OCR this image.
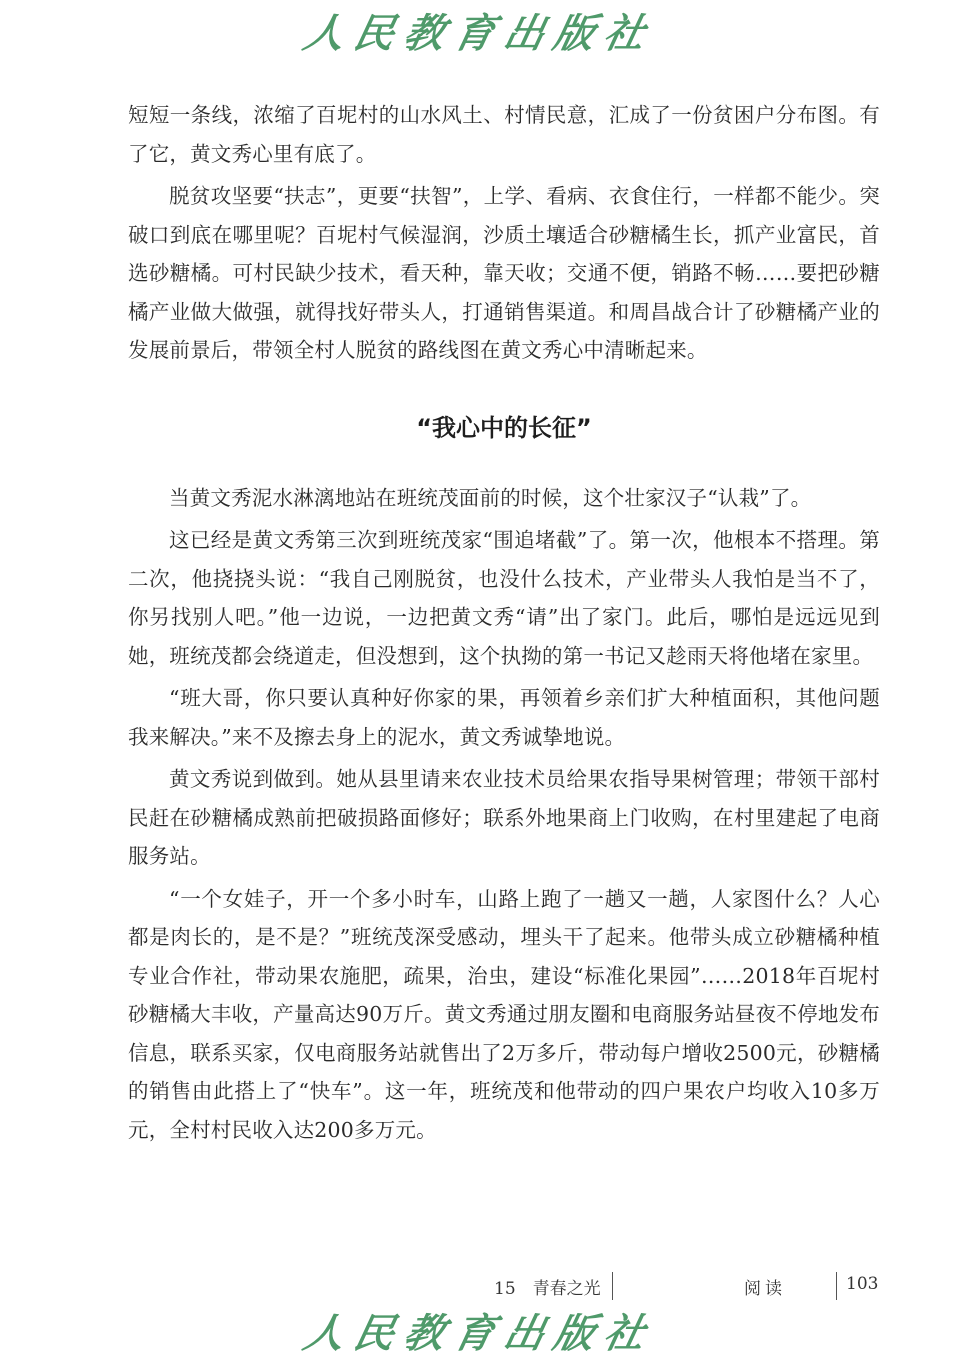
人民教育出版社

短短一条线，浓缩了百坭村的山水风土、村情民意，汇成了一份贫困户分布图。有了它，黄文秀心里有底了。

脱贫攻坚要“扶志”，更要“扶智”，上学、看病、衣食住行，一样都不能少。突破口到底在哪里呢？百坭村气候湿润，沙质土壤适合砂糖橘生长，抓产业富民，首选砂糖橘。可村民缺少技术，看天种，靠天收；交通不便，销路不畅……要把砂糖橘产业做大做强，就得找好带头人，打通销售渠道。和周昌战合计了砂糖橘产业的发展前景后，带领全村人脱贫的路线图在黄文秀心中清晰起来。

“我心中的长征”

当黄文秀泥水淋漓地站在班统茂面前的时候，这个壮家汉子“认栽”了。

这已经是黄文秀第三次到班统茂家“围追堵截”了。第一次，他根本不搭理。第二次，他挠挠头说：“我自己刚脱贫，也没什么技术，产业带头人我怕是当不了，你另找别人吧。”他一边说，一边把黄文秀“请”出了家门。此后，哪怕是远远见到她，班统茂都会绕道走，但没想到，这个执拗的第一书记又趁雨天将他堵在家里。

“班大哥，你只要认真种好你家的果，再领着乡亲们扩大种植面积，其他问题我来解决。”来不及擦去身上的泥水，黄文秀诚挚地说。

黄文秀说到做到。她从县里请来农业技术员给果农指导果树管理；带领干部村民赶在砂糖橘成熟前把破损路面修好；联系外地果商上门收购，在村里建起了电商服务站。

“一个女娃子，开一个多小时车，山路上跑了一趟又一趟，人家图什么？人心都是肉长的，是不是？”班统茂深受感动，埋头干了起来。他带头成立砂糖橘种植专业合作社，带动果农施肥，疏果，治虫，建设“标准化果园”……2018年百坭村砂糖橘大丰收，产量高达90万斤。黄文秀通过朋友圈和电商服务站昼夜不停地发布信息，联系买家，仅电商服务站就售出了2万多斤，带动每户增收2500元，砂糖橘的销售由此搭上了“快车”。这一年，班统茂和他带动的四户果农户均收入10多万元，全村村民收入达200多万元。

15　青春之光	阅读	103
人民教育出版社
